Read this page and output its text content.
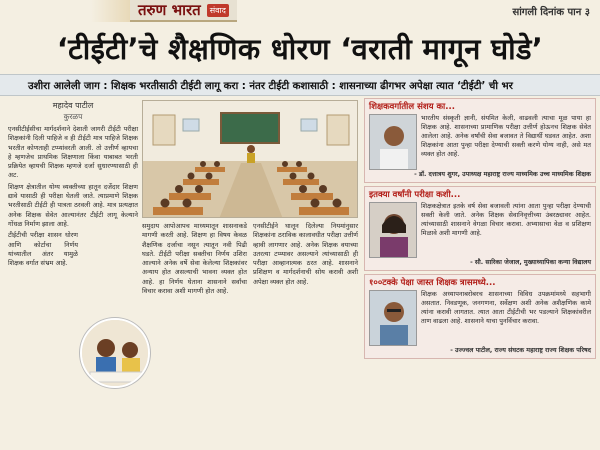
तरुण भारत	संवाद	सांगली दिनांक पान ३
‘टीईटी’चे शैक्षणिक धोरण ‘वराती मागून घोडे’
उशीरा आलेली जाग : शिक्षक भरतीसाठी टीईटी लागू करा : नंतर टीईटी कशासाठी : शासनाच्या ढीगभर अपेक्षा त्यात ‘टीईटी’ ची भर
महादेव पाटील
कुरळप

एनसीटीईसीचा मार्गदर्शनाने देशाती जागरी टीईटी परीक्षा शिक्षकांनी दिली पाहिजे व ही टीईटी मात्र पाहिजे शिक्षक भरतीत कोणताही टप्प्यांवरती आली. तो उत्तीर्ण व्हायचा हे म्हणजेच प्राथमिक शिक्षणाला किंवा याबाबत भरती प्रक्रियेत व्हायची शिक्षक म्हणजे दर्जा सुधारण्यासाठी ही अट.

शिक्षण क्षेत्रातील योग्य व्यक्तीच्या हातून दर्जेदार शिक्षण द्यावे यासाठी ही परीक्षा घेतली जाते. त्याप्रमाणे शिक्षक भरतीसाठी टीईटी ही पात्रता ठरवली आहे. मात्र प्रत्यक्षात अनेक शिक्षक सेवेत आल्यानंतर टीईटी लागू केल्याने गोंधळ निर्माण झाला आहे.

टीईटीची परीक्षा शासन धोरण आणि कोर्टाचा निर्णय यांच्यातील अंतर यामुळे शिक्षक वर्गात संभ्रम आहे.

समुदाय आपोआपच माध्यमातून शासनाकडे मागणी करती आहे. शिक्षण हा विषय केवळ शैक्षणिक दर्जाचा नसून त्यातून नवी पिढी घडते. टीईटी परीक्षा सक्तीचा निर्णय उशिरा आल्याने अनेक वर्षे सेवा केलेल्या शिक्षकांवर अन्याय होत असल्याची भावना व्यक्त होत आहे. हा निर्णय घेताना शासनाने सर्वांचा विचार करावा अशी मागणी होत आहे.
एनसीटीईने घालून दिलेल्या नियमांनुसार शिक्षकांना ठराविक कालावधीत परीक्षा उत्तीर्ण व्हावी लागणार आहे. अनेक शिक्षक वयाच्या उतरत्या टप्प्यावर असल्याने त्यांच्यासाठी ही परीक्षा आव्हानात्मक ठरत आहे. शासनाने प्रशिक्षण व मार्गदर्शनाची सोय करावी अशी अपेक्षा व्यक्त होत आहे.
शिक्षकवर्गातील संशय का...
भारतीय संस्कृती ज्ञानी, संयमित केली, वाढवली त्याचा मूळ पाया हा शिक्षक आहे. शासनाच्या प्रामाणिक परीक्षा उत्तीर्ण होऊनच शिक्षक सेवेत आलेला आहे. अनेक वर्षांची सेवा बजावत ते विद्यार्थी घडवत आहेत. अशा शिक्षकांना आता पुन्हा परीक्षा देण्याची सक्ती करणे योग्य नाही, असे मत व्यक्त होत आहे.
- डॉ. दत्तात्रय शुगर, उपाध्यक्ष महाराष्ट्र राज्य माध्यमिक उच्च माध्यमिक शिक्षक
इतक्या वर्षांनी परीक्षा कशी...
शिक्षकक्षेत्रात इतके वर्ष सेवा बजावली त्यांना आता पुन्हा परीक्षा देण्याची सक्ती केली जाते. अनेक शिक्षक सेवानिवृत्तीच्या उंबरठ्यावर आहेत. त्यांच्यासाठी शासनाने वेगळा विचार करावा. अभ्यासाचा वेळ व प्रशिक्षण मिळावे अशी मागणी आहे.
- सौ. सारिका जेजाल, मुख्याध्यापिका कन्या विद्यालय
१००टक्के पेक्षा जास्त शिक्षक त्रासमध्ये...
शिक्षक अध्यापनाबरोबरच शासनाच्या विविध उपक्रमांमध्ये सहभागी असतात. निवडणूक, जनगणना, सर्वेक्षण अशी अनेक अशैक्षणिक कामे त्यांना करावी लागतात. त्यात आता टीईटीची भर पडल्याने शिक्षकांवरील ताण वाढला आहे. शासनाने याचा पुनर्विचार करावा.
- उज्ज्वल पाटील, राज्य संघटक महाराष्ट्र राज्य शिक्षक परिषद
